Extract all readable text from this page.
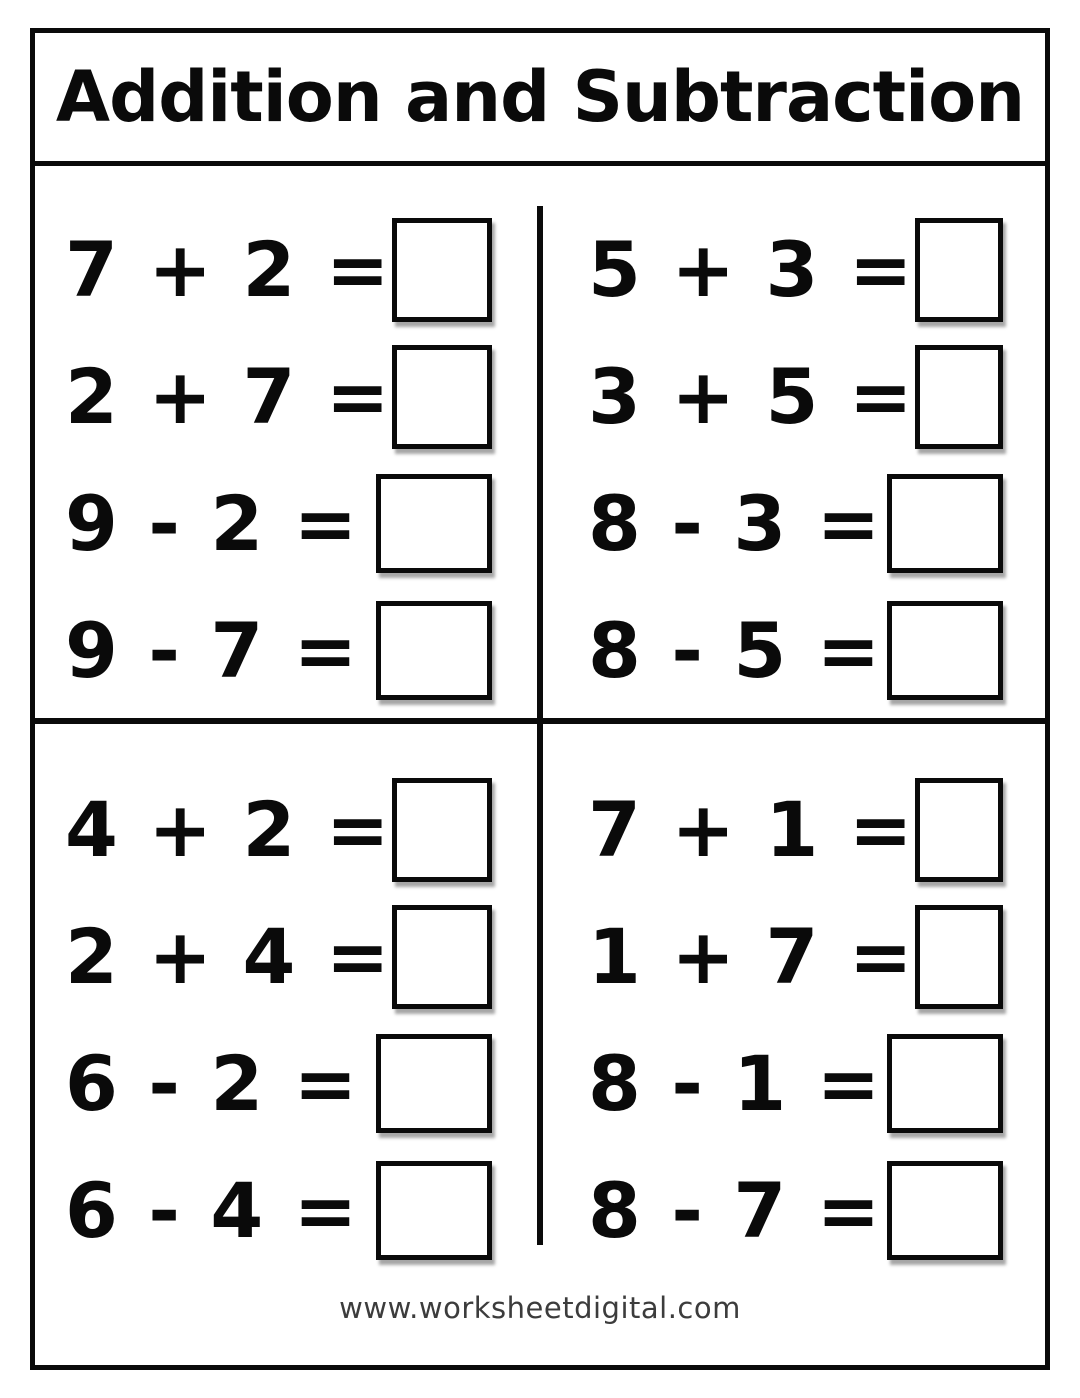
Addition and Subtraction
7 + 2 =
2 + 7 =
9 - 2 =
9 - 7 =
5 + 3 =
3 + 5 =
8 - 3 =
8 - 5 =
4 + 2 =
2 + 4 =
6 - 2 =
6 - 4 =
7 + 1 =
1 + 7 =
8 - 1 =
8 - 7 =
www.worksheetdigital.com
